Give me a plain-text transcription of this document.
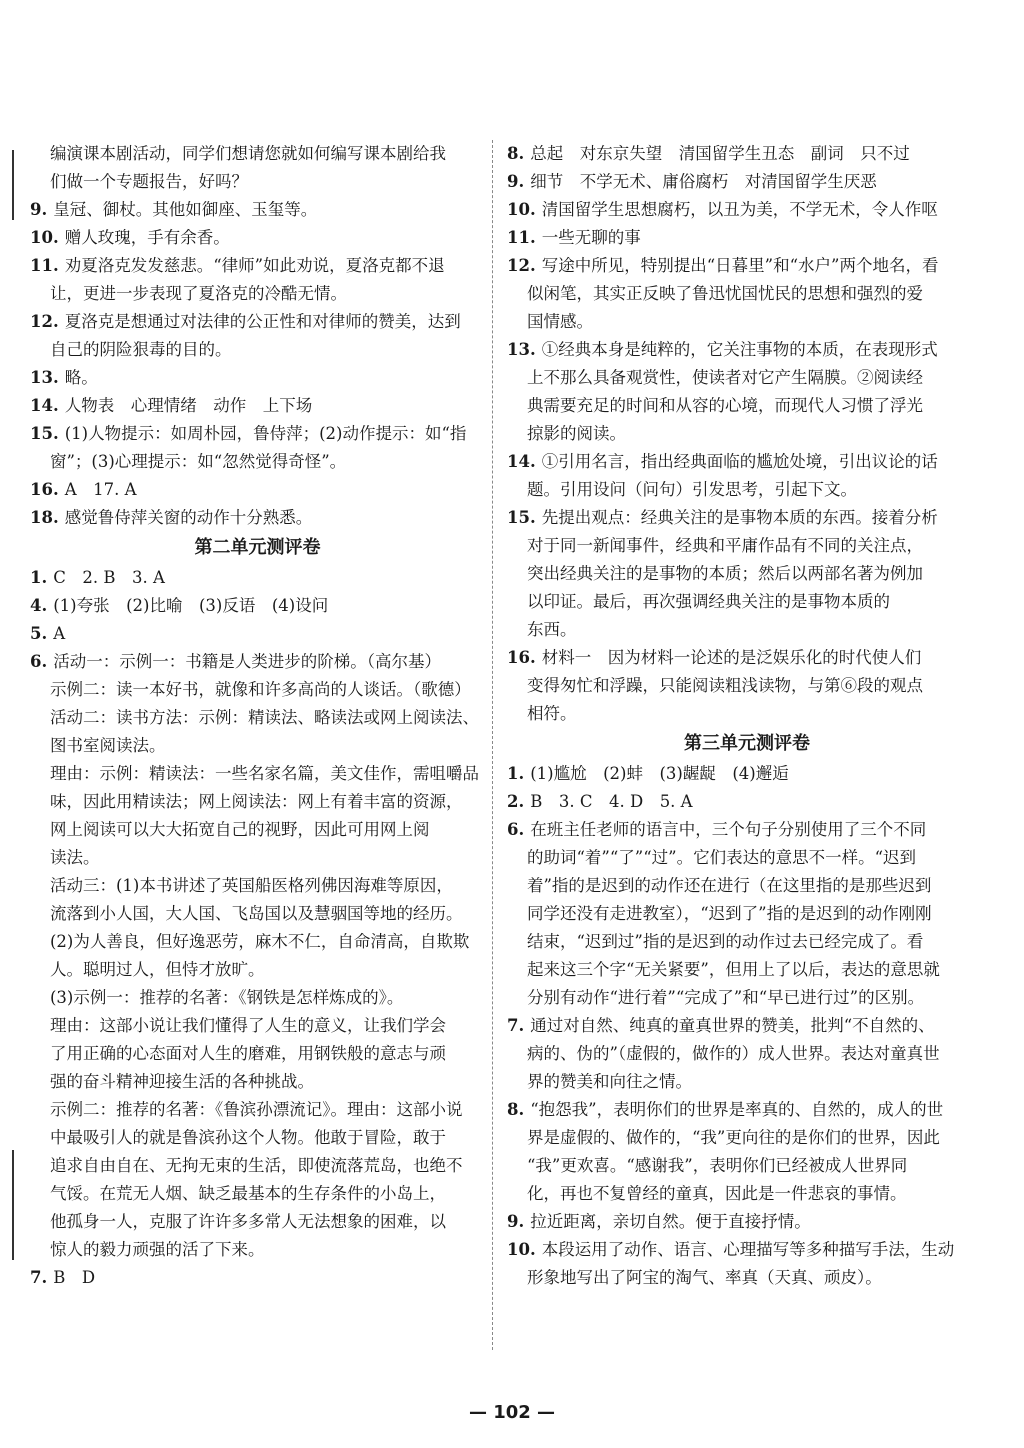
编演课本剧活动，同学们想请您就如何编写课本剧给我

们做一个专题报告，好吗？

9. 皇冠、御杖。其他如御座、玉玺等。

10. 赠人玫瑰，手有余香。

11. 劝夏洛克发发慈悲。“律师”如此劝说，夏洛克都不退

让，更进一步表现了夏洛克的冷酷无情。

12. 夏洛克是想通过对法律的公正性和对律师的赞美，达到

自己的阴险狠毒的目的。

13. 略。

14. 人物表　心理情绪　动作　上下场

15. (1)人物提示：如周朴园，鲁侍萍；(2)动作提示：如“指

窗”；(3)心理提示：如“忽然觉得奇怪”。

16. A　17. A

18. 感觉鲁侍萍关窗的动作十分熟悉。

第二单元测评卷

1. C　2. B　3. A

4. (1)夸张　(2)比喻　(3)反语　(4)设问

5. A

6. 活动一：示例一：书籍是人类进步的阶梯。（高尔基）

示例二：读一本好书，就像和许多高尚的人谈话。（歌德）

活动二：读书方法：示例：精读法、略读法或网上阅读法、

图书室阅读法。

理由：示例：精读法：一些名家名篇，美文佳作，需咀嚼品

味，因此用精读法；网上阅读法：网上有着丰富的资源，

网上阅读可以大大拓宽自己的视野，因此可用网上阅

读法。

活动三：(1)本书讲述了英国船医格列佛因海难等原因，

流落到小人国，大人国、飞岛国以及慧骃国等地的经历。

(2)为人善良，但好逸恶劳，麻木不仁，自命清高，自欺欺

人。聪明过人，但恃才放旷。

(3)示例一：推荐的名著：《钢铁是怎样炼成的》。

理由：这部小说让我们懂得了人生的意义，让我们学会

了用正确的心态面对人生的磨难，用钢铁般的意志与顽

强的奋斗精神迎接生活的各种挑战。

示例二：推荐的名著：《鲁滨孙漂流记》。理由：这部小说

中最吸引人的就是鲁滨孙这个人物。他敢于冒险，敢于

追求自由自在、无拘无束的生活，即使流落荒岛，也绝不

气馁。在荒无人烟、缺乏最基本的生存条件的小岛上，

他孤身一人，克服了许许多多常人无法想象的困难，以

惊人的毅力顽强的活了下来。

7. B　D

8. 总起　对东京失望　清国留学生丑态　副词　只不过

9. 细节　不学无术、庸俗腐朽　对清国留学生厌恶

10. 清国留学生思想腐朽，以丑为美，不学无术，令人作呕

11. 一些无聊的事

12. 写途中所见，特别提出“日暮里”和“水户”两个地名，看

似闲笔，其实正反映了鲁迅忧国忧民的思想和强烈的爱

国情感。

13. ①经典本身是纯粹的，它关注事物的本质，在表现形式

上不那么具备观赏性，使读者对它产生隔膜。②阅读经

典需要充足的时间和从容的心境，而现代人习惯了浮光

掠影的阅读。

14. ①引用名言，指出经典面临的尴尬处境，引出议论的话

题。引用设问（问句）引发思考，引起下文。

15. 先提出观点：经典关注的是事物本质的东西。接着分析

对于同一新闻事件，经典和平庸作品有不同的关注点，

突出经典关注的是事物的本质；然后以两部名著为例加

以印证。最后，再次强调经典关注的是事物本质的

东西。

16. 材料一　因为材料一论述的是泛娱乐化的时代使人们

变得匆忙和浮躁，只能阅读粗浅读物，与第⑥段的观点

相符。

第三单元测评卷

1. (1)尴尬　(2)蚌　(3)龌龊　(4)邂逅

2. B　3. C　4. D　5. A

6. 在班主任老师的语言中，三个句子分别使用了三个不同

的助词“着”“了”“过”。它们表达的意思不一样。“迟到

着”指的是迟到的动作还在进行（在这里指的是那些迟到

同学还没有走进教室），“迟到了”指的是迟到的动作刚刚

结束，“迟到过”指的是迟到的动作过去已经完成了。看

起来这三个字“无关紧要”，但用上了以后，表达的意思就

分别有动作“进行着”“完成了”和“早已进行过”的区别。

7. 通过对自然、纯真的童真世界的赞美，批判“不自然的、

病的、伪的”（虚假的，做作的）成人世界。表达对童真世

界的赞美和向往之情。

8. “抱怨我”，表明你们的世界是率真的、自然的，成人的世

界是虚假的、做作的，“我”更向往的是你们的世界，因此

“我”更欢喜。“感谢我”，表明你们已经被成人世界同

化，再也不复曾经的童真，因此是一件悲哀的事情。

9. 拉近距离，亲切自然。便于直接抒情。

10. 本段运用了动作、语言、心理描写等多种描写手法，生动

形象地写出了阿宝的淘气、率真（天真、顽皮）。

— 102 —
